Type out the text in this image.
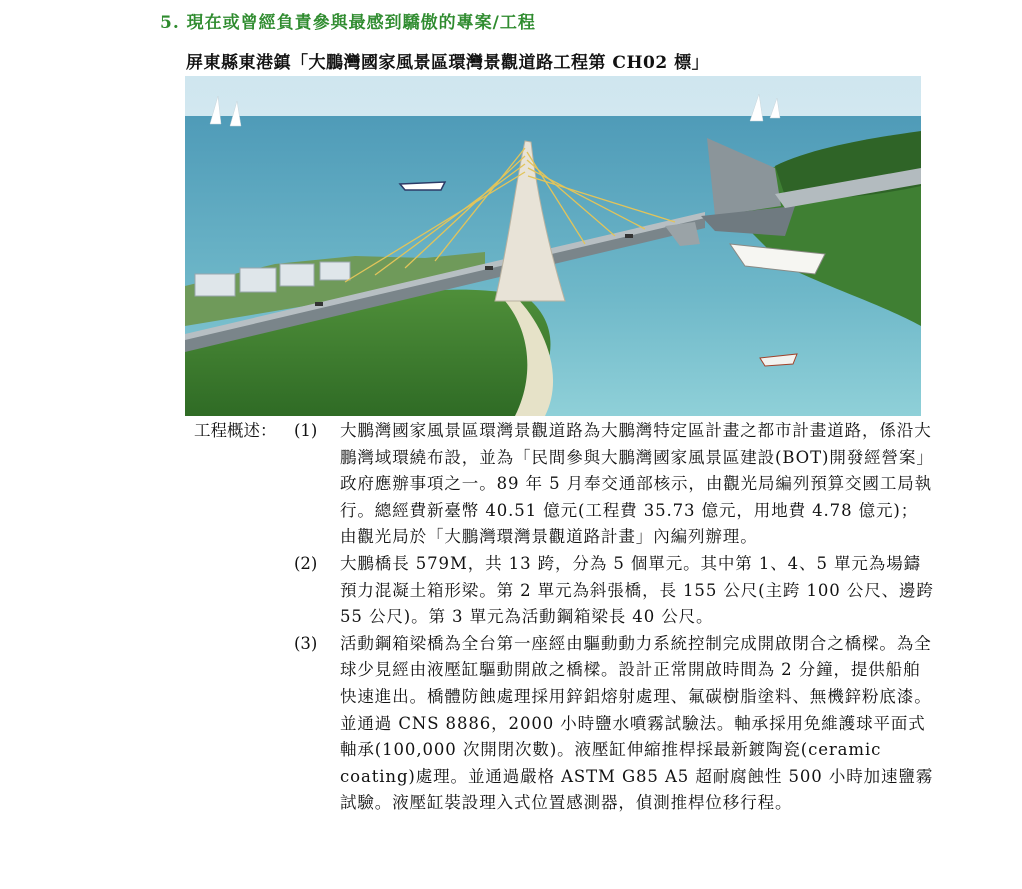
5. 現在或曾經負責參與最感到驕傲的專案/工程
屏東縣東港鎮「大鵬灣國家風景區環灣景觀道路工程第 CH02 標」
工程概述： (1) 大鵬灣國家風景區環灣景觀道路為大鵬灣特定區計畫之都市計畫道路，係沿大鵬灣域環繞布設，並為「民間參與大鵬灣國家風景區建設(BOT)開發經營案」政府應辦事項之一。89 年 5 月奉交通部核示，由觀光局編列預算交國工局執行。總經費新臺幣 40.51 億元(工程費 35.73 億元，用地費 4.78 億元)；由觀光局於「大鵬灣環灣景觀道路計畫」內編列辦理。
(2) 大鵬橋長 579M，共 13 跨，分為 5 個單元。其中第 1、4、5 單元為場鑄預力混凝土箱形梁。第 2 單元為斜張橋，長 155 公尺(主跨 100 公尺、邊跨 55 公尺)。第 3 單元為活動鋼箱梁長 40 公尺。
(3) 活動鋼箱梁橋為全台第一座經由驅動動力系統控制完成開啟閉合之橋樑。為全球少見經由液壓缸驅動開啟之橋樑。設計正常開啟時間為 2 分鐘，提供船舶快速進出。橋體防蝕處理採用鋅鋁熔射處理、氟碳樹脂塗料、無機鋅粉底漆。並通過 CNS 8886，2000 小時鹽水噴霧試驗法。軸承採用免維護球平面式軸承(100,000 次開閉次數)。液壓缸伸縮推桿採最新鍍陶瓷(ceramic coating)處理。並通過嚴格 ASTM G85 A5 超耐腐蝕性 500 小時加速鹽霧試驗。液壓缸裝設理入式位置感測器，偵測推桿位移行程。
